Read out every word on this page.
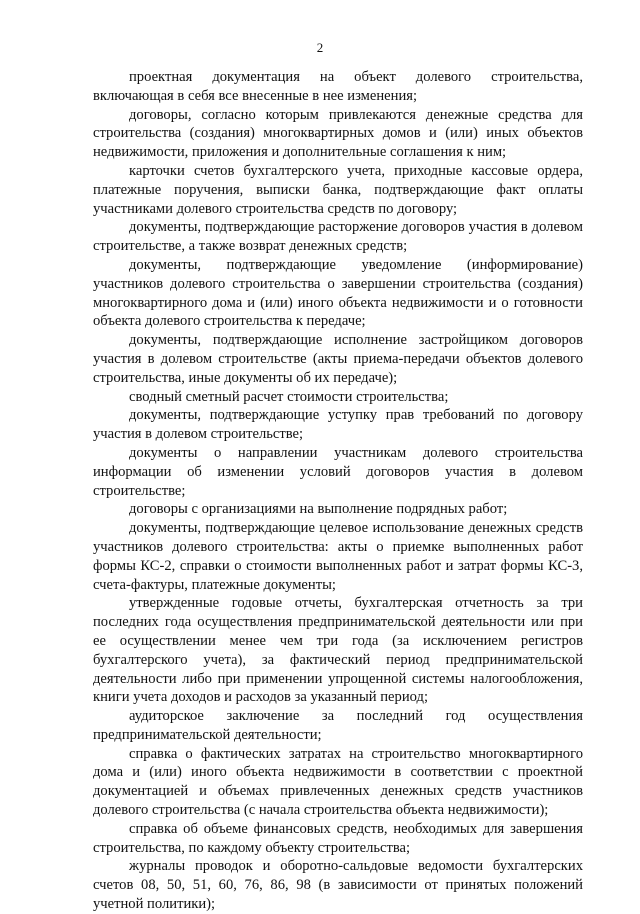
2

проектная документация на объект долевого строительства, включающая в себя все внесенные в нее изменения;

договоры, согласно которым привлекаются денежные средства для строительства (создания) многоквартирных домов и (или) иных объектов недвижимости, приложения и дополнительные соглашения к ним;

карточки счетов бухгалтерского учета, приходные кассовые ордера, платежные поручения, выписки банка, подтверждающие факт оплаты участниками долевого строительства средств по договору;

документы, подтверждающие расторжение договоров участия в долевом строительстве, а также возврат денежных средств;

документы, подтверждающие уведомление (информирование) участников долевого строительства о завершении строительства (создания) многоквартирного дома и (или) иного объекта недвижимости и о готовности объекта долевого строительства к передаче;

документы, подтверждающие исполнение застройщиком договоров участия в долевом строительстве (акты приема-передачи объектов долевого строительства, иные документы об их передаче);

сводный сметный расчет стоимости строительства;

документы, подтверждающие уступку прав требований по договору участия в долевом строительстве;

документы о направлении участникам долевого строительства информации об изменении условий договоров участия в долевом строительстве;

договоры с организациями на выполнение подрядных работ;

документы, подтверждающие целевое использование денежных средств участников долевого строительства: акты о приемке выполненных работ формы КС-2, справки о стоимости выполненных работ и затрат формы КС-3, счета-фактуры, платежные документы;

утвержденные годовые отчеты, бухгалтерская отчетность за три последних года осуществления предпринимательской деятельности или при ее осуществлении менее чем три года (за исключением регистров бухгалтерского учета), за фактический период предпринимательской деятельности либо при применении упрощенной системы налогообложения, книги учета доходов и расходов за указанный период;

аудиторское заключение за последний год осуществления предпринимательской деятельности;

справка о фактических затратах на строительство многоквартирного дома и (или) иного объекта недвижимости в соответствии с проектной документацией и объемах привлеченных денежных средств участников долевого строительства (с начала строительства объекта недвижимости);

справка об объеме финансовых средств, необходимых для завершения строительства, по каждому объекту строительства;

журналы проводок и оборотно-сальдовые ведомости бухгалтерских счетов 08, 50, 51, 60, 76, 86, 98 (в зависимости от принятых положений учетной политики);
